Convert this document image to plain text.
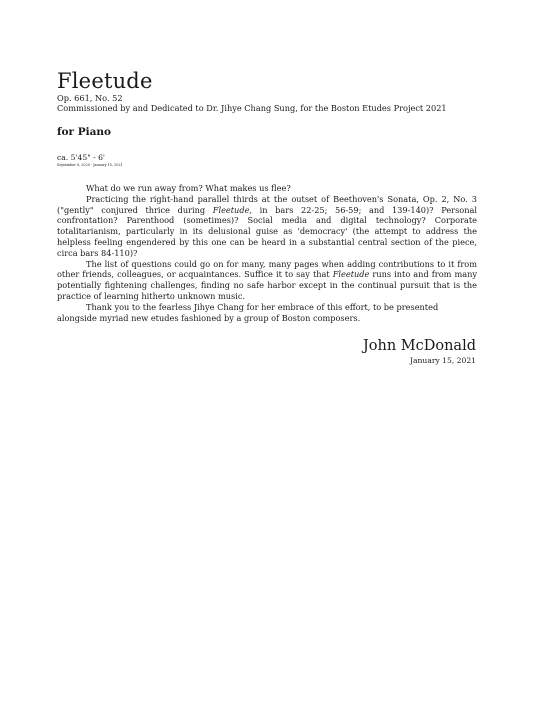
Fleetude
Op. 661, No. 52
Commissioned by and Dedicated to Dr. Jihye Chang Sung, for the Boston Etudes Project 2021
for Piano
ca. 5'45" - 6'
September 8, 2020 - January 15, 2021

What do we run away from? What makes us flee?

Practicing the right-hand parallel thirds at the outset of Beethoven's Sonata, Op. 2, No. 3 ("gently" conjured thrice during Fleetude, in bars 22-25; 56-59; and 139-140)? Personal confrontation? Parenthood (sometimes)? Social media and digital technology? Corporate totalitarianism, particularly in its delusional guise as 'democracy' (the attempt to address the helpless feeling engendered by this one can be heard in a substantial central section of the piece, circa bars 84-110)?

The list of questions could go on for many, many pages when adding contributions to it from other friends, colleagues, or acquaintances. Suffice it to say that Fleetude runs into and from many potentially fightening challenges, finding no safe harbor except in the continual pursuit that is the practice of learning hitherto unknown music.

Thank you to the fearless Jihye Chang for her embrace of this effort, to be presented alongside myriad new etudes fashioned by a group of Boston composers.

John McDonald
January 15, 2021
